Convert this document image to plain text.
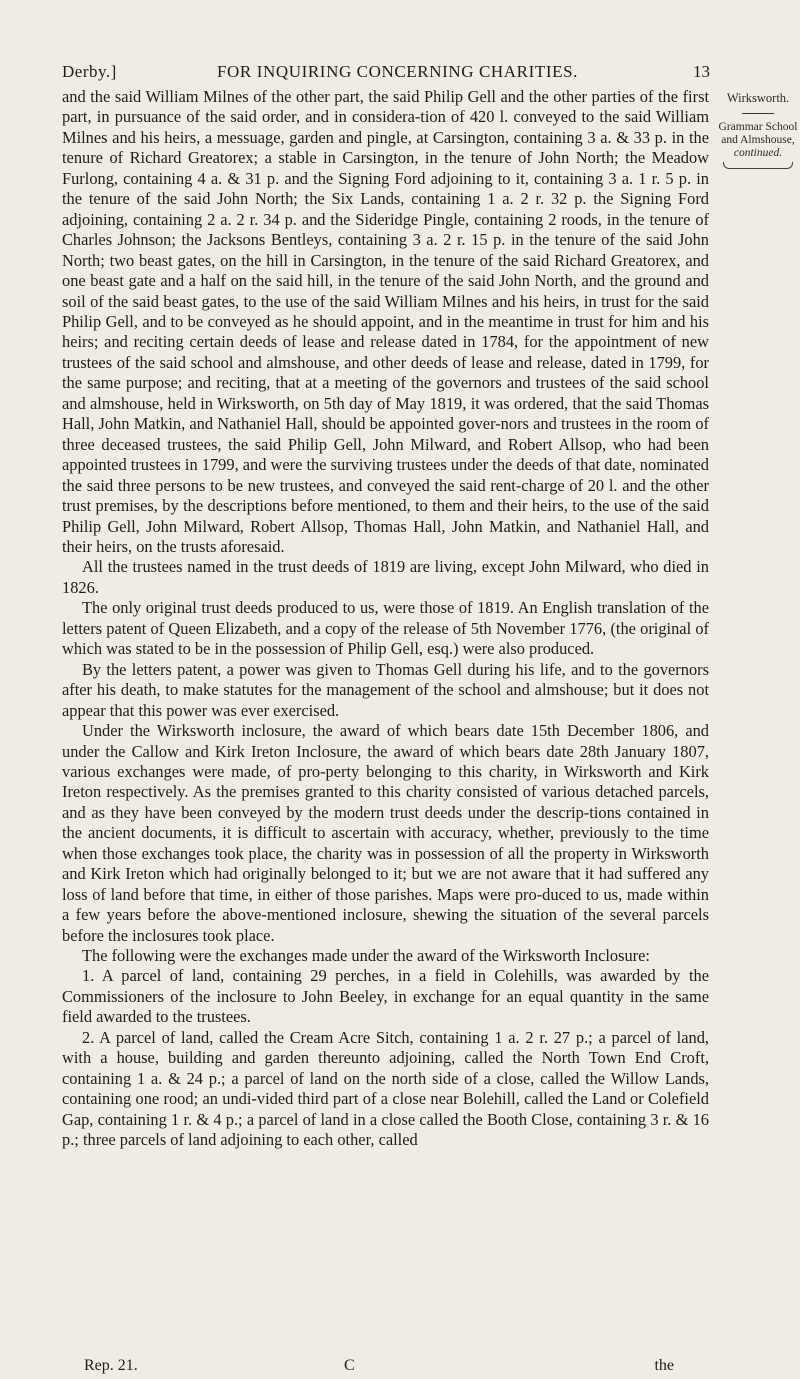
Derby.]	FOR INQUIRING CONCERNING CHARITIES.	13
Wirksworth.
Grammar School and Almshouse,
continued.

and the said William Milnes of the other part, the said Philip Gell and the other parties of the first part, in pursuance of the said order, and in considera-tion of 420 l. conveyed to the said William Milnes and his heirs, a messuage, garden and pingle, at Carsington, containing 3 a. & 33 p. in the tenure of Richard Greatorex; a stable in Carsington, in the tenure of John North; the Meadow Furlong, containing 4 a. & 31 p. and the Signing Ford adjoining to it, containing 3 a. 1 r. 5 p. in the tenure of the said John North; the Six Lands, containing 1 a. 2 r. 32 p. the Signing Ford adjoining, containing 2 a. 2 r. 34 p. and the Sideridge Pingle, containing 2 roods, in the tenure of Charles Johnson; the Jacksons Bentleys, containing 3 a. 2 r. 15 p. in the tenure of the said John North; two beast gates, on the hill in Carsington, in the tenure of the said Richard Greatorex, and one beast gate and a half on the said hill, in the tenure of the said John North, and the ground and soil of the said beast gates, to the use of the said William Milnes and his heirs, in trust for the said Philip Gell, and to be conveyed as he should appoint, and in the meantime in trust for him and his heirs; and reciting certain deeds of lease and release dated in 1784, for the appointment of new trustees of the said school and almshouse, and other deeds of lease and release, dated in 1799, for the same purpose; and reciting, that at a meeting of the governors and trustees of the said school and almshouse, held in Wirksworth, on 5th day of May 1819, it was ordered, that the said Thomas Hall, John Matkin, and Nathaniel Hall, should be appointed gover-nors and trustees in the room of three deceased trustees, the said Philip Gell, John Milward, and Robert Allsop, who had been appointed trustees in 1799, and were the surviving trustees under the deeds of that date, nominated the said three persons to be new trustees, and conveyed the said rent-charge of 20 l. and the other trust premises, by the descriptions before mentioned, to them and their heirs, to the use of the said Philip Gell, John Milward, Robert Allsop, Thomas Hall, John Matkin, and Nathaniel Hall, and their heirs, on the trusts aforesaid.

All the trustees named in the trust deeds of 1819 are living, except John Milward, who died in 1826.

The only original trust deeds produced to us, were those of 1819. An English translation of the letters patent of Queen Elizabeth, and a copy of the release of 5th November 1776, (the original of which was stated to be in the possession of Philip Gell, esq.) were also produced.

By the letters patent, a power was given to Thomas Gell during his life, and to the governors after his death, to make statutes for the management of the school and almshouse; but it does not appear that this power was ever exercised.

Under the Wirksworth inclosure, the award of which bears date 15th December 1806, and under the Callow and Kirk Ireton Inclosure, the award of which bears date 28th January 1807, various exchanges were made, of pro-perty belonging to this charity, in Wirksworth and Kirk Ireton respectively. As the premises granted to this charity consisted of various detached parcels, and as they have been conveyed by the modern trust deeds under the descrip-tions contained in the ancient documents, it is difficult to ascertain with accuracy, whether, previously to the time when those exchanges took place, the charity was in possession of all the property in Wirksworth and Kirk Ireton which had originally belonged to it; but we are not aware that it had suffered any loss of land before that time, in either of those parishes. Maps were pro-duced to us, made within a few years before the above-mentioned inclosure, shewing the situation of the several parcels before the inclosures took place.

The following were the exchanges made under the award of the Wirksworth Inclosure:

1. A parcel of land, containing 29 perches, in a field in Colehills, was awarded by the Commissioners of the inclosure to John Beeley, in exchange for an equal quantity in the same field awarded to the trustees.

2. A parcel of land, called the Cream Acre Sitch, containing 1 a. 2 r. 27 p.; a parcel of land, with a house, building and garden thereunto adjoining, called the North Town End Croft, containing 1 a. & 24 p.; a parcel of land on the north side of a close, called the Willow Lands, containing one rood; an undi-vided third part of a close near Bolehill, called the Land or Colefield Gap, containing 1 r. & 4 p.; a parcel of land in a close called the Booth Close, containing 3 r. & 16 p.; three parcels of land adjoining to each other, called

Rep. 21.	C	the
